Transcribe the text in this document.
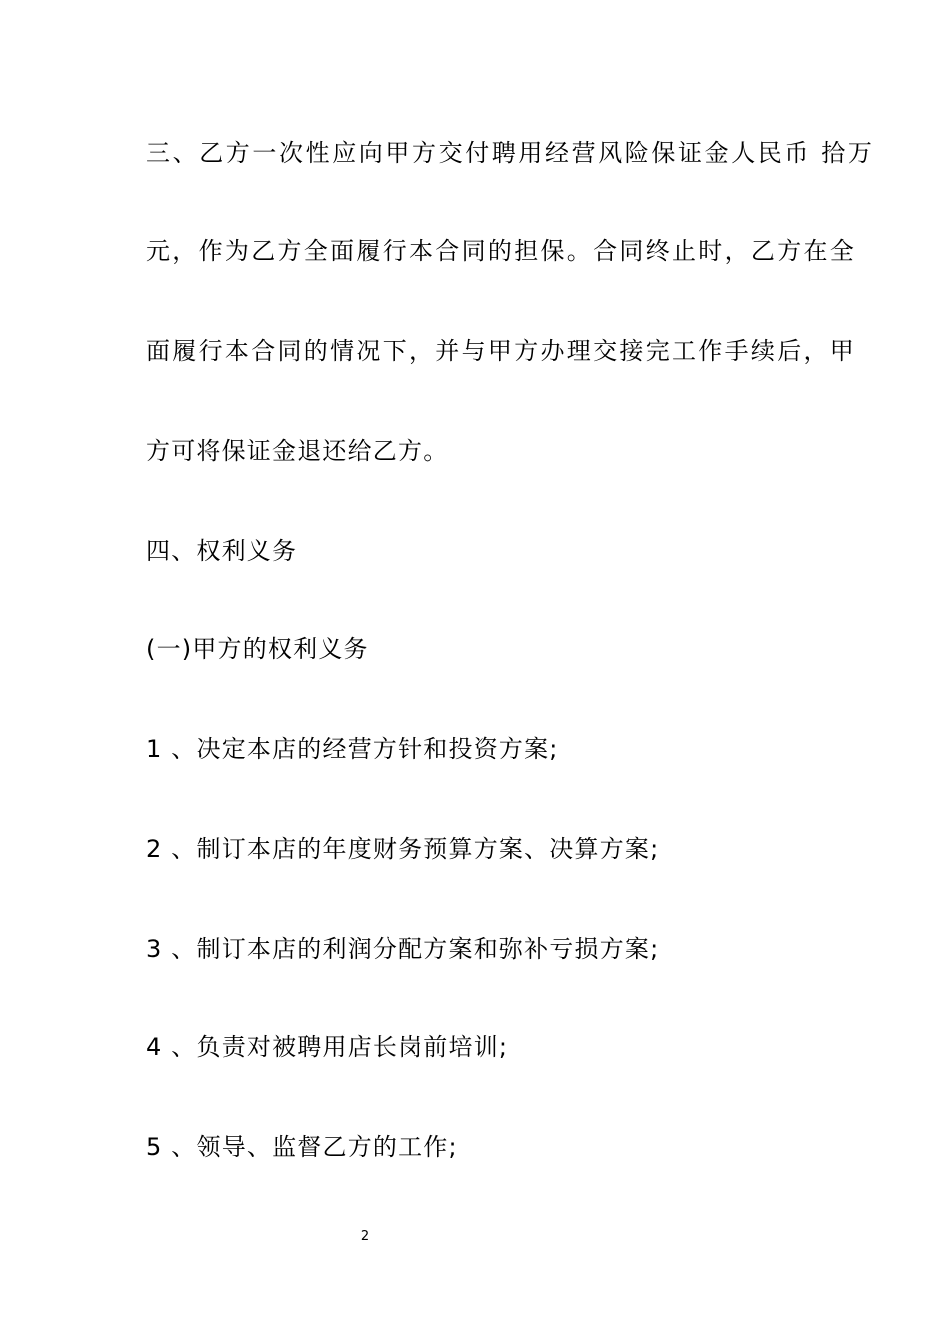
三、乙方一次性应向甲方交付聘用经营风险保证金人民币 拾万
元，作为乙方全面履行本合同的担保。合同终止时，乙方在全
面履行本合同的情况下，并与甲方办理交接完工作手续后，甲
方可将保证金退还给乙方。
四、权利义务
(一)甲方的权利义务
1 、决定本店的经营方针和投资方案;
2 、制订本店的年度财务预算方案、决算方案;
3 、制订本店的利润分配方案和弥补亏损方案;
4 、负责对被聘用店长岗前培训;
5 、领导、监督乙方的工作;
2
